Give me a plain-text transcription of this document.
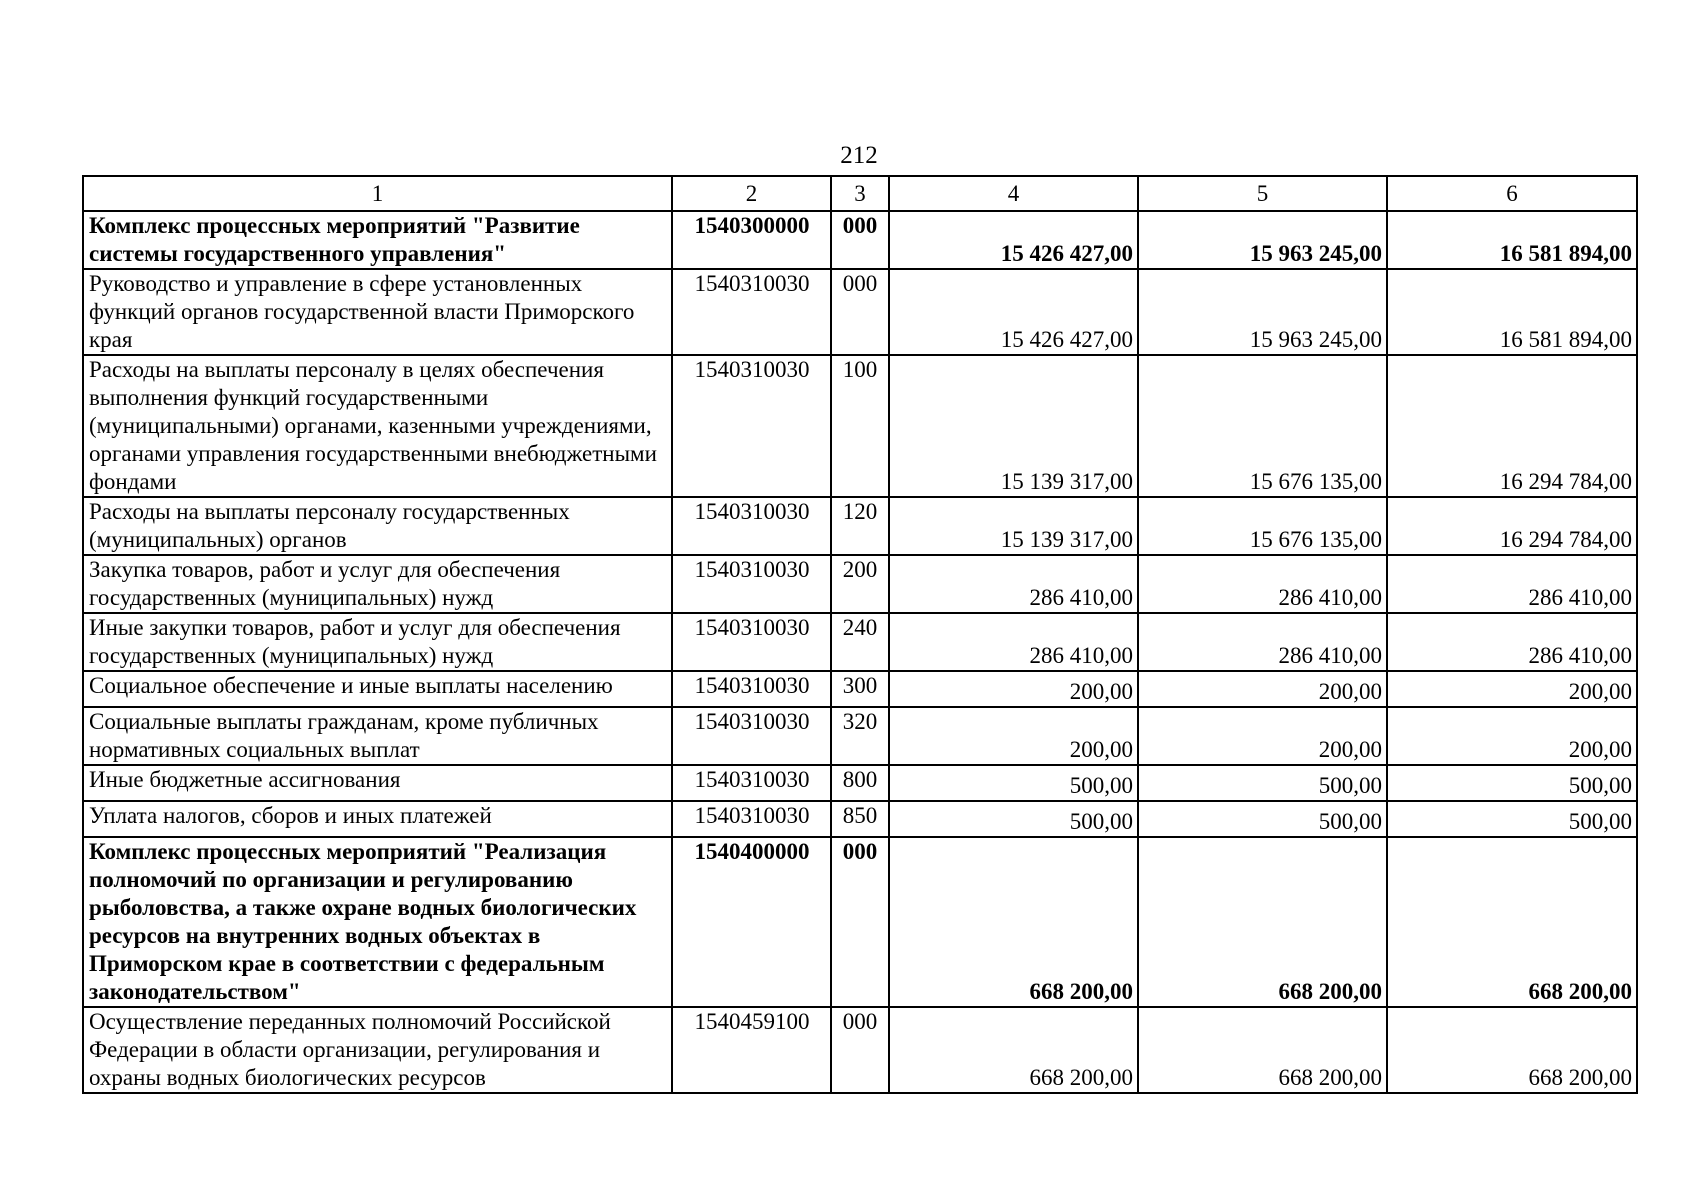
212
1	2	3	4	5	6
Комплекс процессных мероприятий "Развитие системы государственного управления"	1540300000	000	15 426 427,00	15 963 245,00	16 581 894,00
Руководство и управление в сфере установленных функций органов государственной власти Приморского края	1540310030	000	15 426 427,00	15 963 245,00	16 581 894,00
Расходы на выплаты персоналу в целях обеспечения выполнения функций государственными (муниципальными) органами, казенными учреждениями, органами управления государственными внебюджетными фондами	1540310030	100	15 139 317,00	15 676 135,00	16 294 784,00
Расходы на выплаты персоналу государственных (муниципальных) органов	1540310030	120	15 139 317,00	15 676 135,00	16 294 784,00
Закупка товаров, работ и услуг для обеспечения государственных (муниципальных) нужд	1540310030	200	286 410,00	286 410,00	286 410,00
Иные закупки товаров, работ и услуг для обеспечения государственных (муниципальных) нужд	1540310030	240	286 410,00	286 410,00	286 410,00
Социальное обеспечение и иные выплаты населению	1540310030	300	200,00	200,00	200,00
Социальные выплаты гражданам, кроме публичных нормативных социальных выплат	1540310030	320	200,00	200,00	200,00
Иные бюджетные ассигнования	1540310030	800	500,00	500,00	500,00
Уплата налогов, сборов и иных платежей	1540310030	850	500,00	500,00	500,00
Комплекс процессных мероприятий "Реализация полномочий по организации и регулированию рыболовства, а также охране водных биологических ресурсов на внутренних водных объектах в Приморском крае в соответствии с федеральным законодательством"	1540400000	000	668 200,00	668 200,00	668 200,00
Осуществление переданных полномочий Российской Федерации в области организации, регулирования и охраны водных биологических ресурсов	1540459100	000	668 200,00	668 200,00	668 200,00
